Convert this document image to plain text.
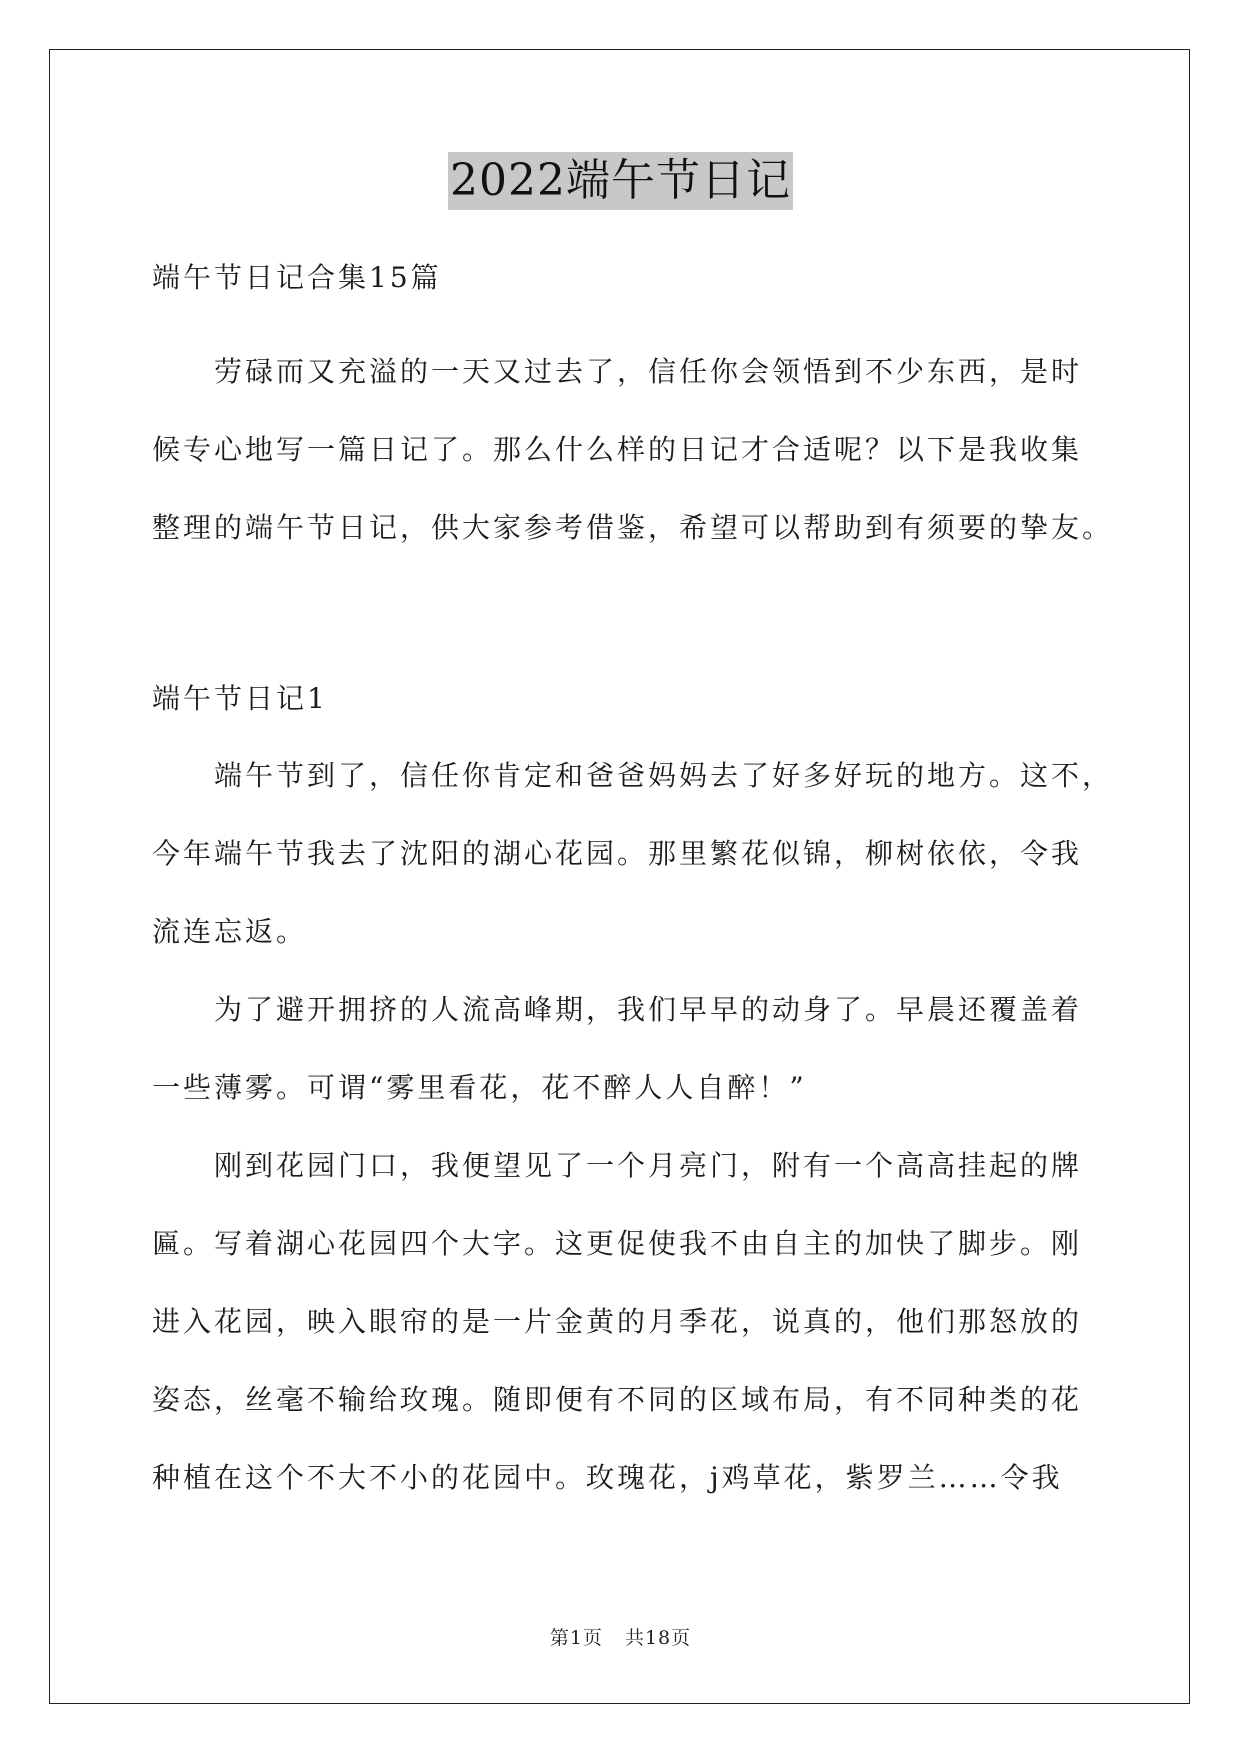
2022端午节日记
端午节日记合集15篇
劳碌而又充溢的一天又过去了，信任你会领悟到不少东西，是时
候专心地写一篇日记了。那么什么样的日记才合适呢？以下是我收集
整理的端午节日记，供大家参考借鉴，希望可以帮助到有须要的挚友。
端午节日记1
端午节到了，信任你肯定和爸爸妈妈去了好多好玩的地方。这不，
今年端午节我去了沈阳的湖心花园。那里繁花似锦，柳树依依，令我
流连忘返。
为了避开拥挤的人流高峰期，我们早早的动身了。早晨还覆盖着
一些薄雾。可谓“雾里看花，花不醉人人自醉！”
刚到花园门口，我便望见了一个月亮门，附有一个高高挂起的牌
匾。写着湖心花园四个大字。这更促使我不由自主的加快了脚步。刚
进入花园，映入眼帘的是一片金黄的月季花，说真的，他们那怒放的
姿态，丝毫不输给玫瑰。随即便有不同的区域布局，有不同种类的花
种植在这个不大不小的花园中。玫瑰花，j鸡草花，紫罗兰……令我
第1页 共18页
